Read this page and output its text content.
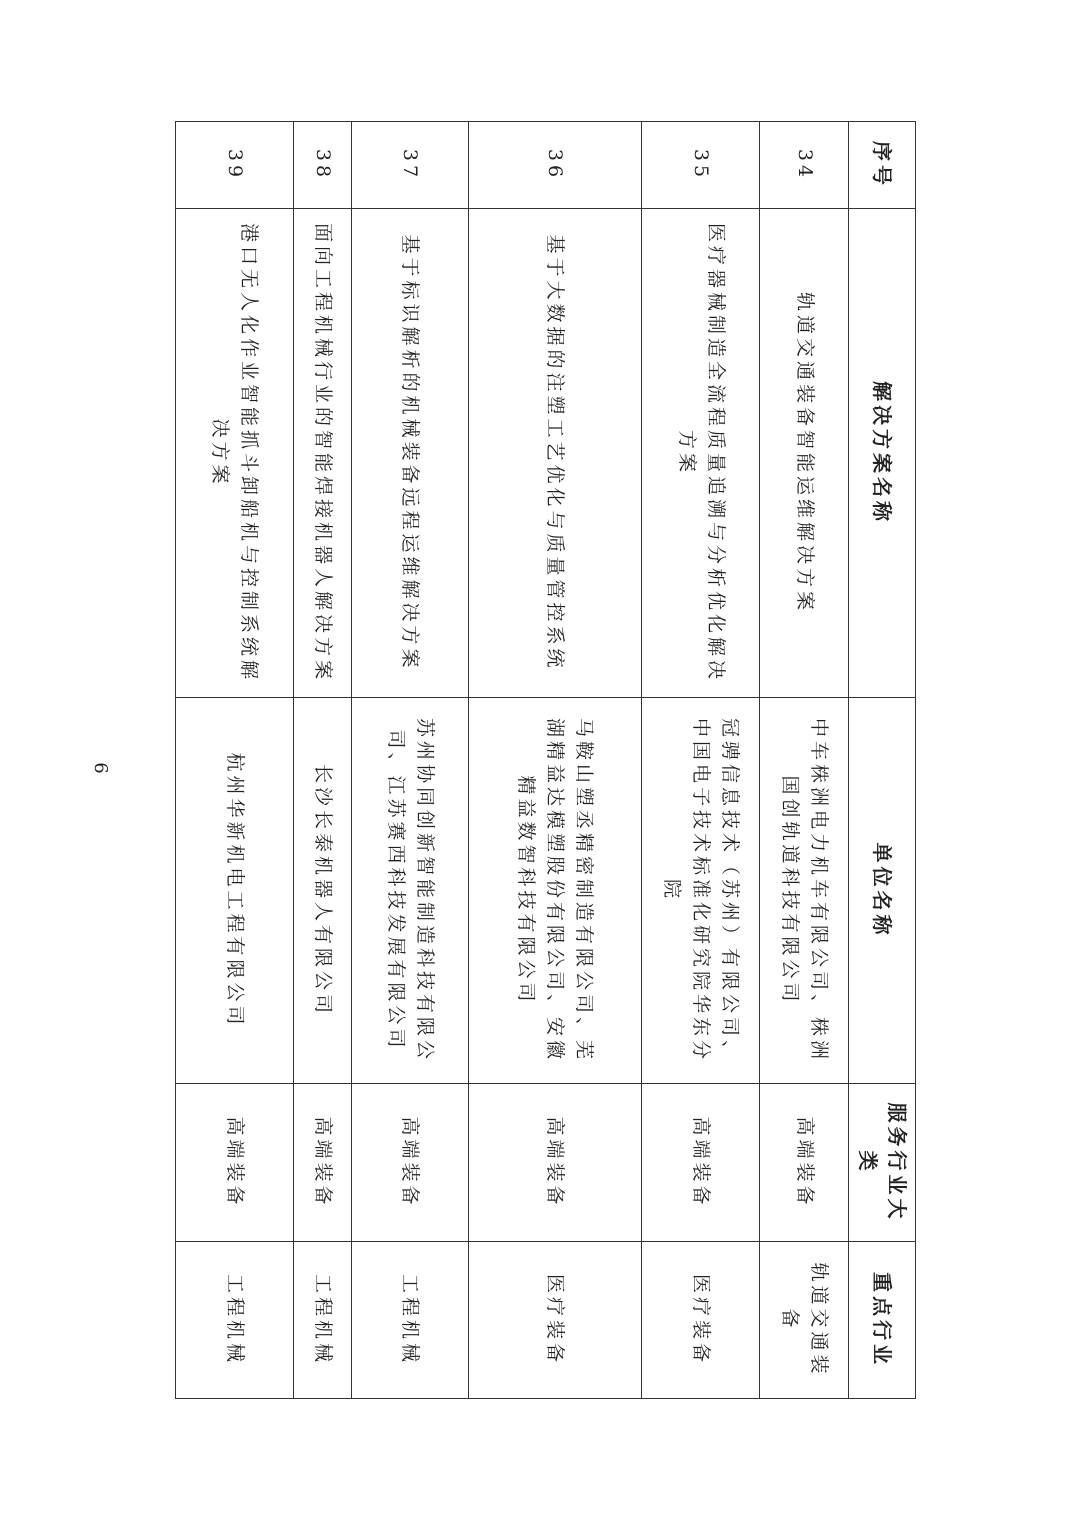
序号	解决方案名称	单位名称	服务行业大类	重点行业
34	轨道交通装备智能运维解决方案	中车株洲电力机车有限公司、株洲国创轨道科技有限公司	高端装备	轨道交通装备
35	医疗器械制造全流程质量追溯与分析优化解决方案	冠骋信息技术（苏州）有限公司、中国电子技术标准化研究院华东分院	高端装备	医疗装备
36	基于大数据的注塑工艺优化与质量管控系统	马鞍山塑丞精密制造有限公司、芜湖精益达模塑股份有限公司、安徽精益数智科技有限公司	高端装备	医疗装备
37	基于标识解析的机械装备远程运维解决方案	苏州协同创新智能制造科技有限公司、江苏赛西科技发展有限公司	高端装备	工程机械
38	面向工程机械行业的智能焊接机器人解决方案	长沙长泰机器人有限公司	高端装备	工程机械
39	港口无人化作业智能抓斗卸船机与控制系统解决方案	杭州华新机电工程有限公司	高端装备	工程机械
6
